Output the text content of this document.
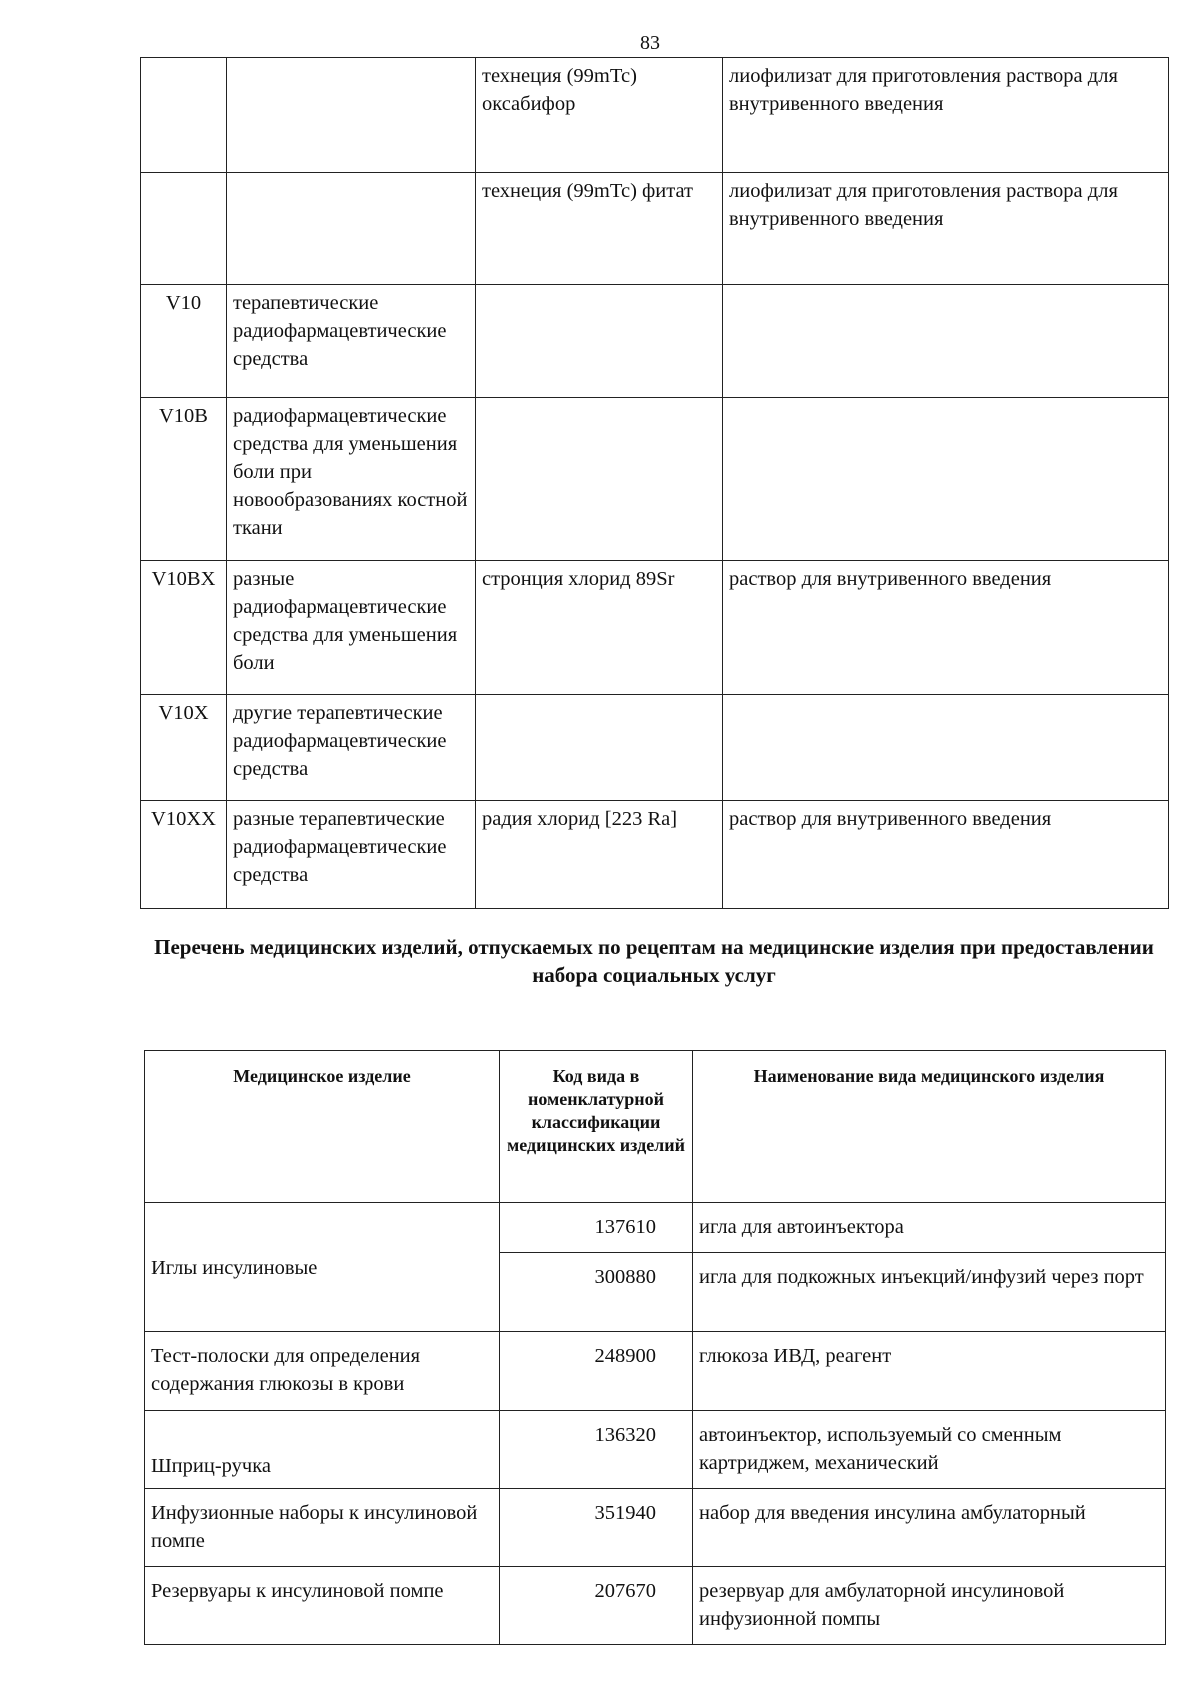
83
		технеция (99mTc) оксабифор	лиофилизат для приготовления раствора для внутривенного введения
		технеция (99mTc) фитат	лиофилизат для приготовления раствора для внутривенного введения
V10	терапевтические радиофармацевтические средства		
V10B	радиофармацевтические средства для уменьшения боли при новообразованиях костной ткани		
V10BX	разные радиофармацевтические средства для уменьшения боли	стронция хлорид 89Sr	раствор для внутривенного введения
V10X	другие терапевтические радиофармацевтические средства		
V10XX	разные терапевтические радиофармацевтические средства	радия хлорид [223 Ra]	раствор для внутривенного введения
Перечень медицинских изделий, отпускаемых по рецептам на медицинские изделия при предоставлении набора социальных услуг
Медицинское изделие	Код вида в номенклатурной классификации медицинских изделий	Наименование вида медицинского изделия
Иглы инсулиновые	137610	игла для автоинъектора
	300880	игла для подкожных инъекций/инфузий через порт
Тест-полоски для определения содержания глюкозы в крови	248900	глюкоза ИВД, реагент
Шприц-ручка	136320	автоинъектор, используемый со сменным картриджем, механический
Инфузионные наборы к инсулиновой помпе	351940	набор для введения инсулина амбулаторный
Резервуары к инсулиновой помпе	207670	резервуар для амбулаторной инсулиновой инфузионной помпы
